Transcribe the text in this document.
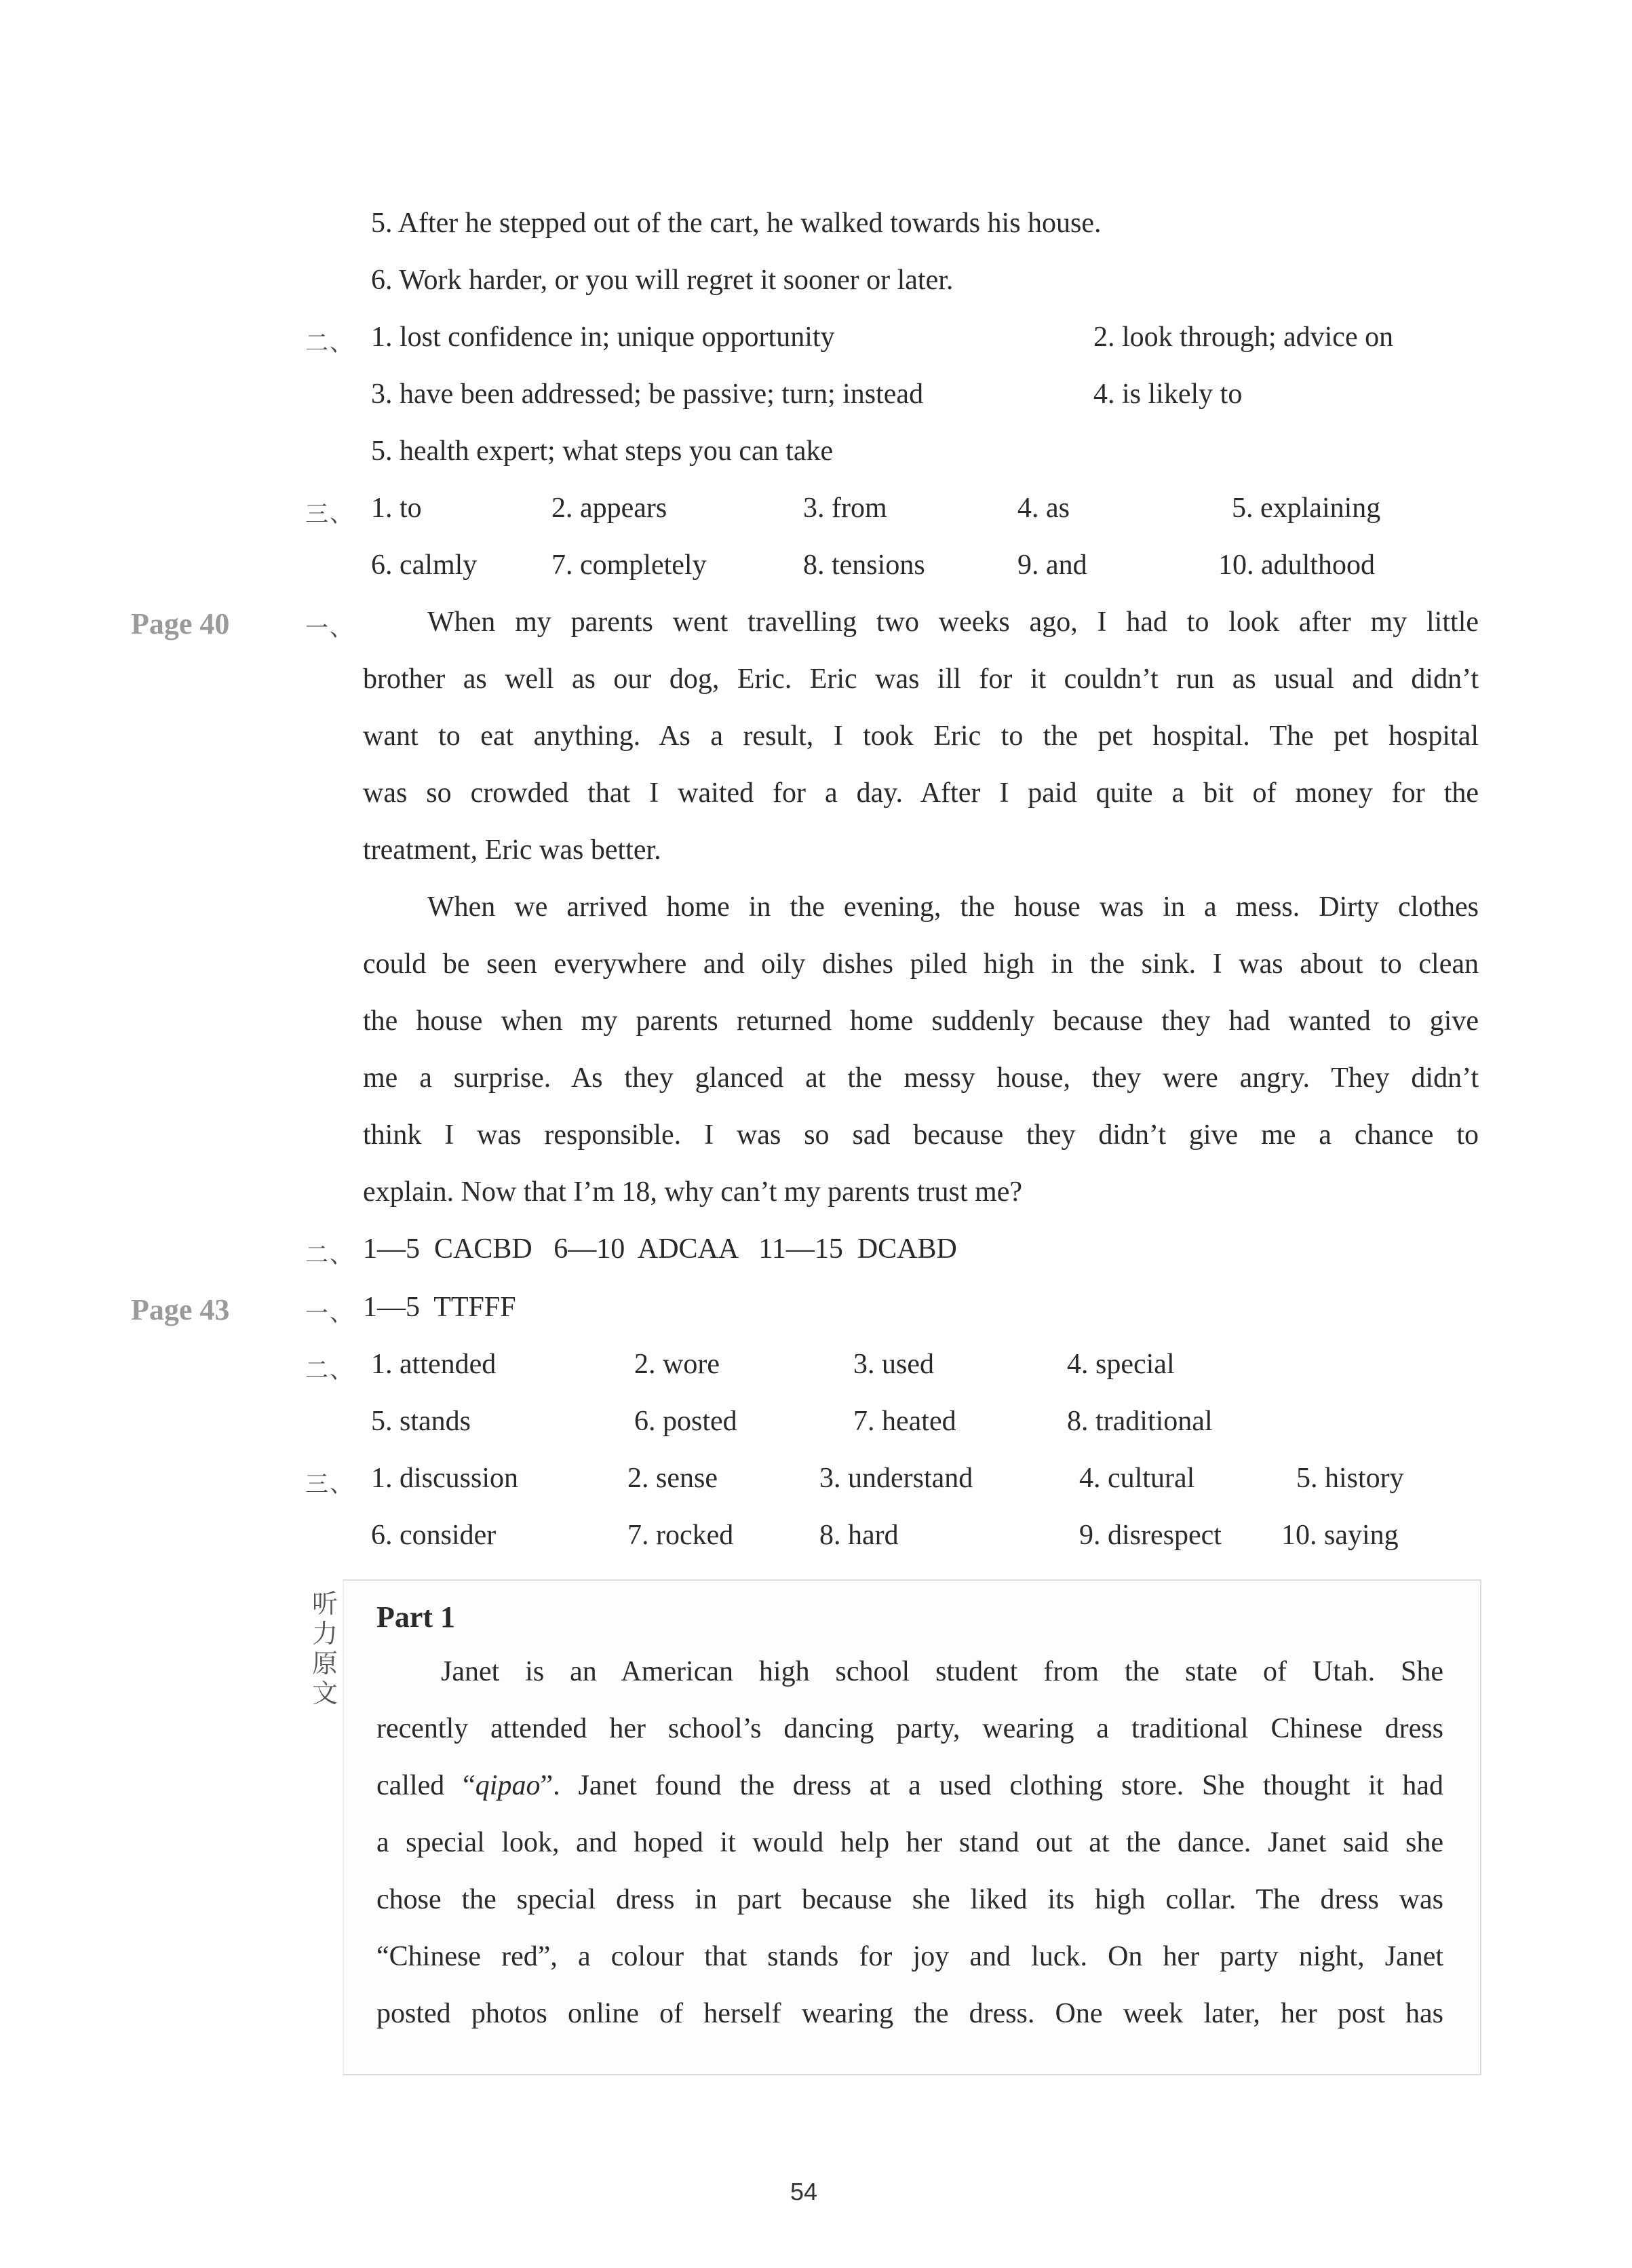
5. After he stepped out of the cart, he walked towards his house.
6. Work harder, or you will regret it sooner or later.
二、 1. lost confidence in; unique opportunity	2. look through; advice on
3. have been addressed; be passive; turn; instead	4. is likely to
5. health expert; what steps you can take
三、 1. to	2. appears	3. from	4. as	5. explaining
6. calmly	7. completely	8. tensions	9. and	10. adulthood
Page 40	一、	When my parents went travelling two weeks ago, I had to look after my little
brother as well as our dog, Eric. Eric was ill for it couldn’t run as usual and didn’t
want to eat anything. As a result, I took Eric to the pet hospital. The pet hospital
was so crowded that I waited for a day. After I paid quite a bit of money for the
treatment, Eric was better.
When we arrived home in the evening, the house was in a mess. Dirty clothes
could be seen everywhere and oily dishes piled high in the sink. I was about to clean
the house when my parents returned home suddenly because they had wanted to give
me a surprise. As they glanced at the messy house, they were angry. They didn’t
think I was responsible. I was so sad because they didn’t give me a chance to
explain. Now that I’m 18, why can’t my parents trust me?
二、 1—5  CACBD   6—10  ADCAA   11—15  DCABD
Page 43	一、 1—5  TTFFF
二、 1. attended	2. wore	3. used	4. special
5. stands	6. posted	7. heated	8. traditional
三、 1. discussion	2. sense	3. understand	4. cultural	5. history
6. consider	7. rocked	8. hard	9. disrespect 10. saying
听力原文
Part 1
Janet is an American high school student from the state of Utah. She
recently attended her school’s dancing party, wearing a traditional Chinese dress
called “qipao”. Janet found the dress at a used clothing store. She thought it had
a special look, and hoped it would help her stand out at the dance. Janet said she
chose the special dress in part because she liked its high collar. The dress was
“Chinese red”, a colour that stands for joy and luck. On her party night, Janet
posted photos online of herself wearing the dress. One week later, her post has
54
